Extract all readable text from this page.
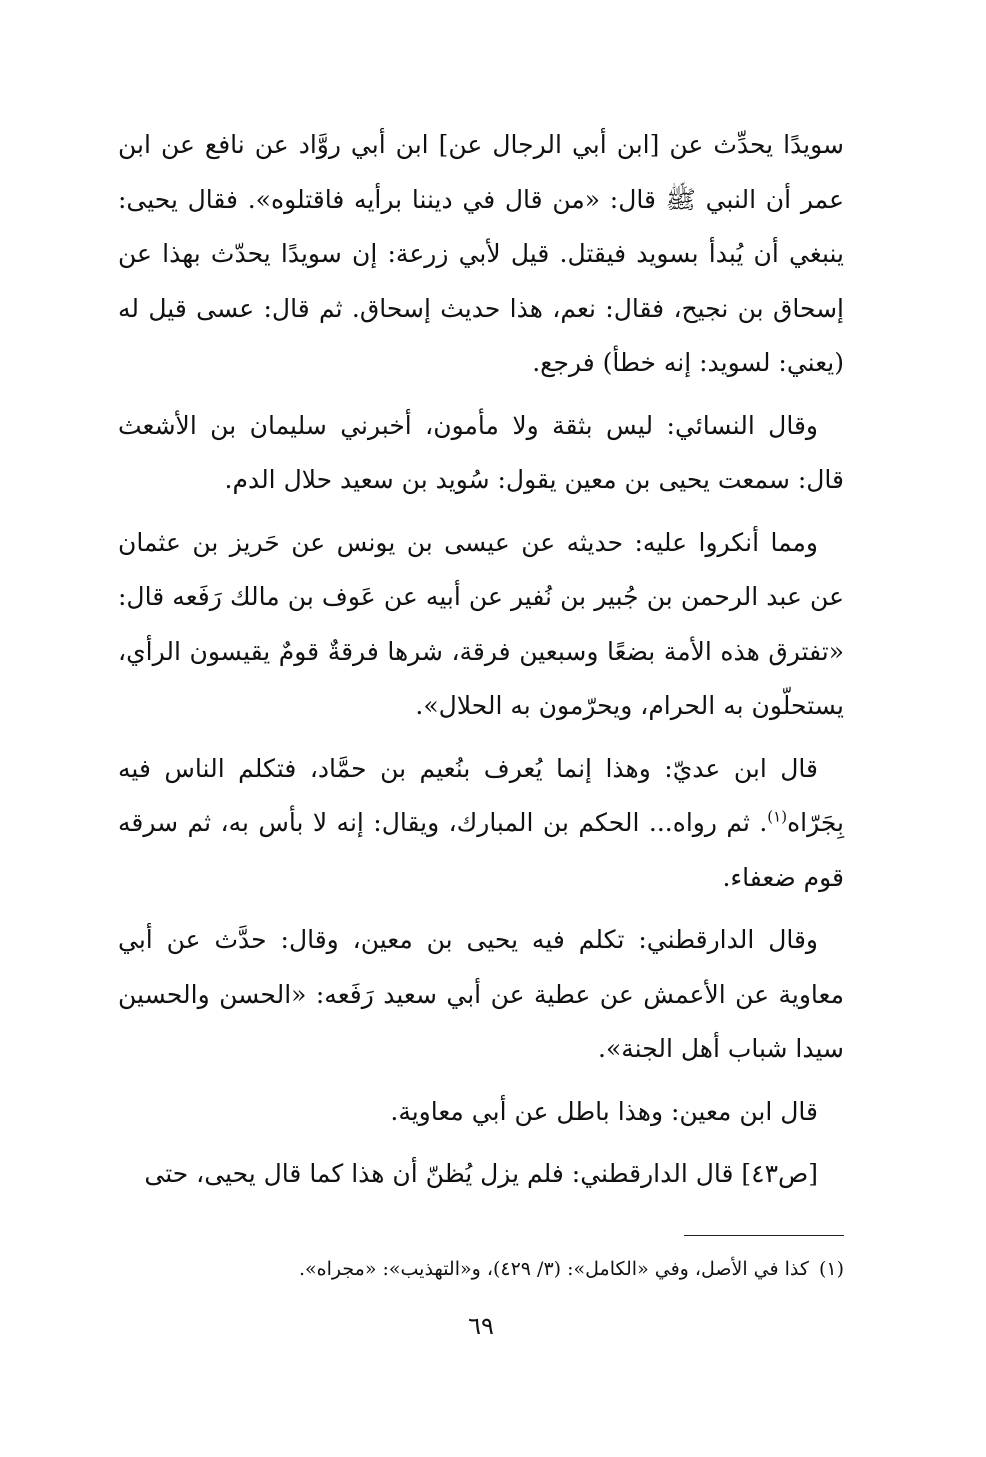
سويدًا يحدِّث عن [ابن أبي الرجال عن] ابن أبي روَّاد عن نافع عن ابن عمر أن النبي ﷺ قال: «من قال في ديننا برأيه فاقتلوه». فقال يحيى: ينبغي أن يُبدأ بسويد فيقتل. قيل لأبي زرعة: إن سويدًا يحدّث بهذا عن إسحاق بن نجيح، فقال: نعم، هذا حديث إسحاق. ثم قال: عسى قيل له (يعني: لسويد: إنه خطأ) فرجع.

وقال النسائي: ليس بثقة ولا مأمون، أخبرني سليمان بن الأشعث قال: سمعت يحيى بن معين يقول: سُويد بن سعيد حلال الدم.

ومما أنكروا عليه: حديثه عن عيسى بن يونس عن حَريز بن عثمان عن عبد الرحمن بن جُبير بن نُفير عن أبيه عن عَوف بن مالك رَفَعه قال: «تفترق هذه الأمة بضعًا وسبعين فرقة، شرها فرقةٌ قومٌ يقيسون الرأي، يستحلّون به الحرام، ويحرّمون به الحلال».

قال ابن عديّ: وهذا إنما يُعرف بنُعيم بن حمَّاد، فتكلم الناس فيه بِجَرّاه$^{(١)}$. ثم رواه... الحكم بن المبارك، ويقال: إنه لا بأس به، ثم سرقه قوم ضعفاء.

وقال الدارقطني: تكلم فيه يحيى بن معين، وقال: حدَّث عن أبي معاوية عن الأعمش عن عطية عن أبي سعيد رَفَعه: «الحسن والحسين سيدا شباب أهل الجنة».

قال ابن معين: وهذا باطل عن أبي معاوية.

[ص٤٣] قال الدارقطني: فلم يزل يُظنّ أن هذا كما قال يحيى، حتى

(١)كذا في الأصل، وفي «الكامل»: (٣/ ٤٢٩)، و«التهذيب»: «مجراه».

٦٩
